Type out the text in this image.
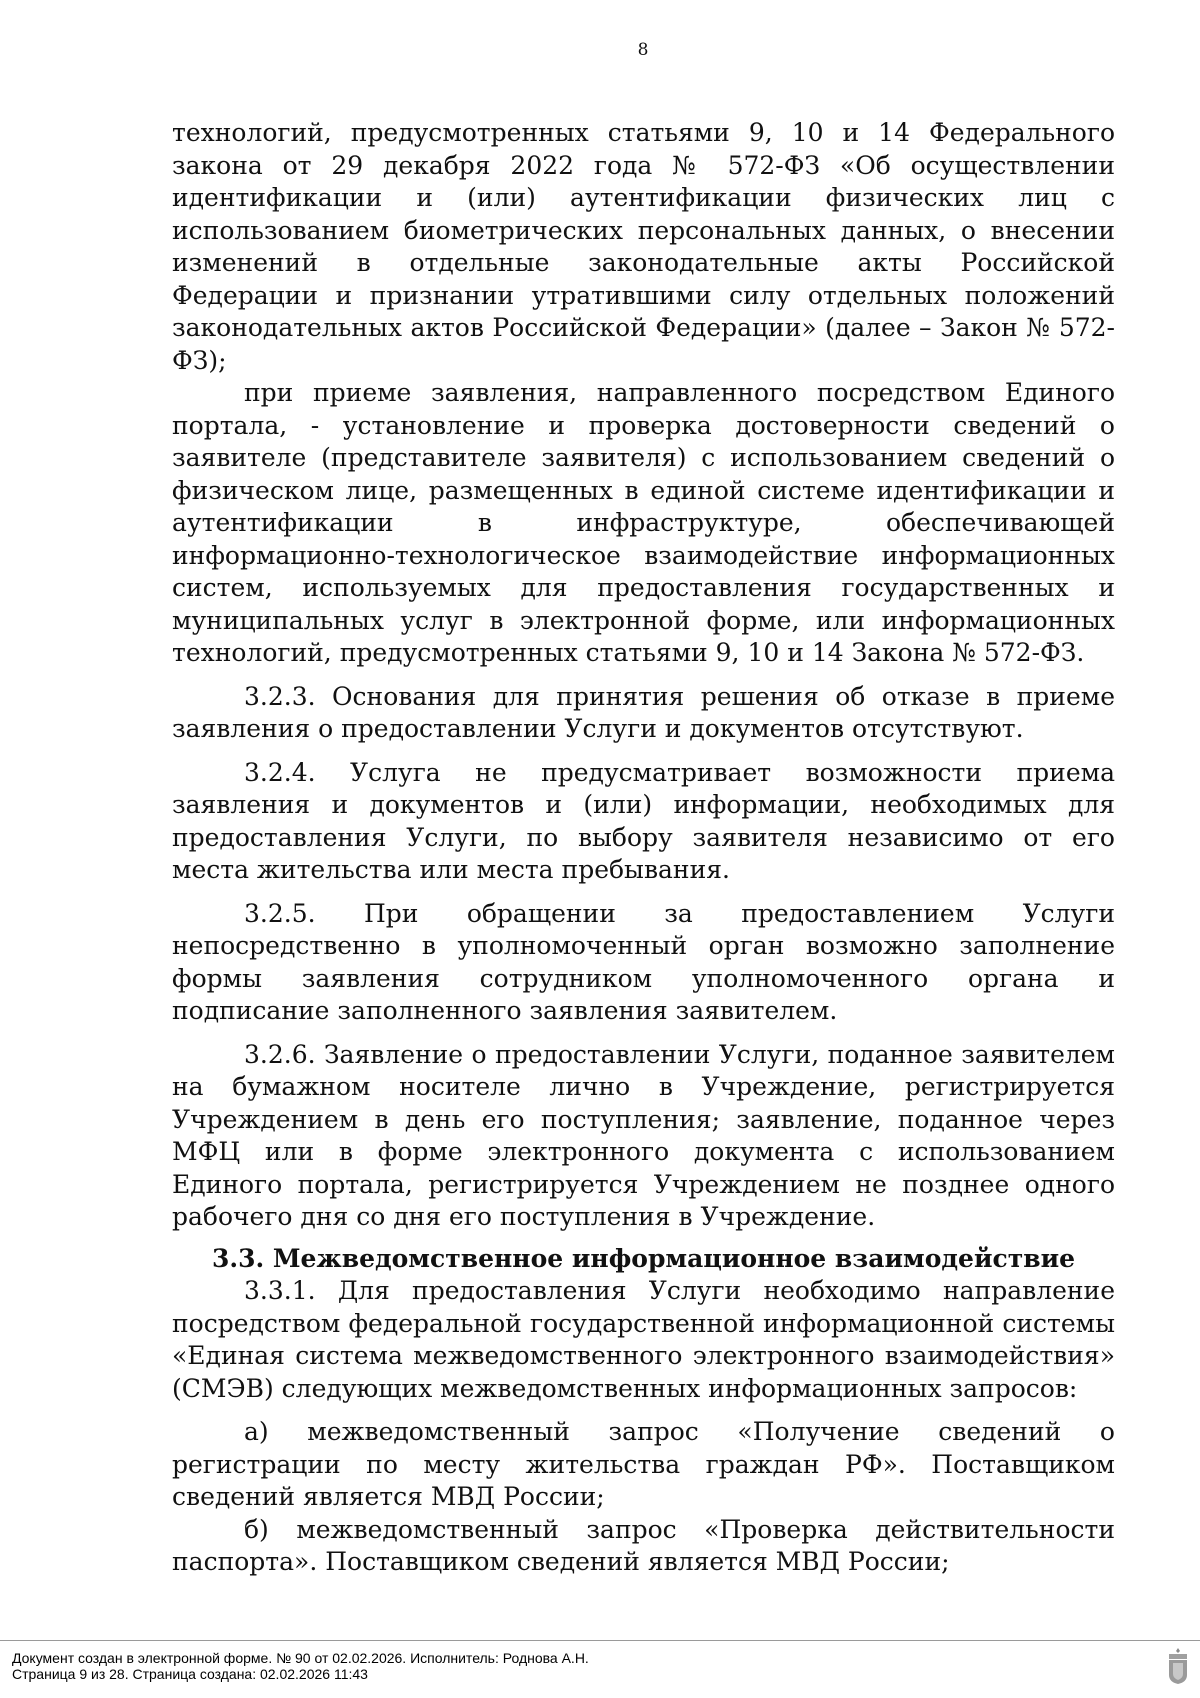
8

технологий, предусмотренных статьями 9, 10 и 14 Федерального закона от 29 декабря 2022 года № 572-ФЗ «Об осуществлении идентификации и (или) аутентификации физических лиц с использованием биометрических персональных данных, о внесении изменений в отдельные законодательные акты Российской Федерации и признании утратившими силу отдельных положений законодательных актов Российской Федерации» (далее – Закон № 572-ФЗ);

при приеме заявления, направленного посредством Единого портала, - установление и проверка достоверности сведений о заявителе (представителе заявителя) с использованием сведений о физическом лице, размещенных в единой системе идентификации и аутентификации в инфраструктуре, обеспечивающей информационно-технологическое взаимодействие информационных систем, используемых для предоставления государственных и муниципальных услуг в электронной форме, или информационных технологий, предусмотренных статьями 9, 10 и 14 Закона № 572-ФЗ.

3.2.3. Основания для принятия решения об отказе в приеме заявления о предоставлении Услуги и документов отсутствуют.

3.2.4. Услуга не предусматривает возможности приема заявления и документов и (или) информации, необходимых для предоставления Услуги, по выбору заявителя независимо от его места жительства или места пребывания.

3.2.5. При обращении за предоставлением Услуги непосредственно в уполномоченный орган возможно заполнение формы заявления сотрудником уполномоченного органа и подписание заполненного заявления заявителем.

3.2.6. Заявление о предоставлении Услуги, поданное заявителем на бумажном носителе лично в Учреждение, регистрируется Учреждением в день его поступления; заявление, поданное через МФЦ или в форме электронного документа с использованием Единого портала, регистрируется Учреждением не позднее одного рабочего дня со дня его поступления в Учреждение.

3.3. Межведомственное информационное взаимодействие

3.3.1. Для предоставления Услуги необходимо направление посредством федеральной государственной информационной системы «Единая система межведомственного электронного взаимодействия» (СМЭВ) следующих межведомственных информационных запросов:

а) межведомственный запрос «Получение сведений о регистрации по месту жительства граждан РФ». Поставщиком сведений является МВД России;

б) межведомственный запрос «Проверка действительности паспорта». Поставщиком сведений является МВД России;

Документ создан в электронной форме. № 90 от 02.02.2026. Исполнитель: Роднова А.Н.
Страница 9 из 28. Страница создана: 02.02.2026 11:43
